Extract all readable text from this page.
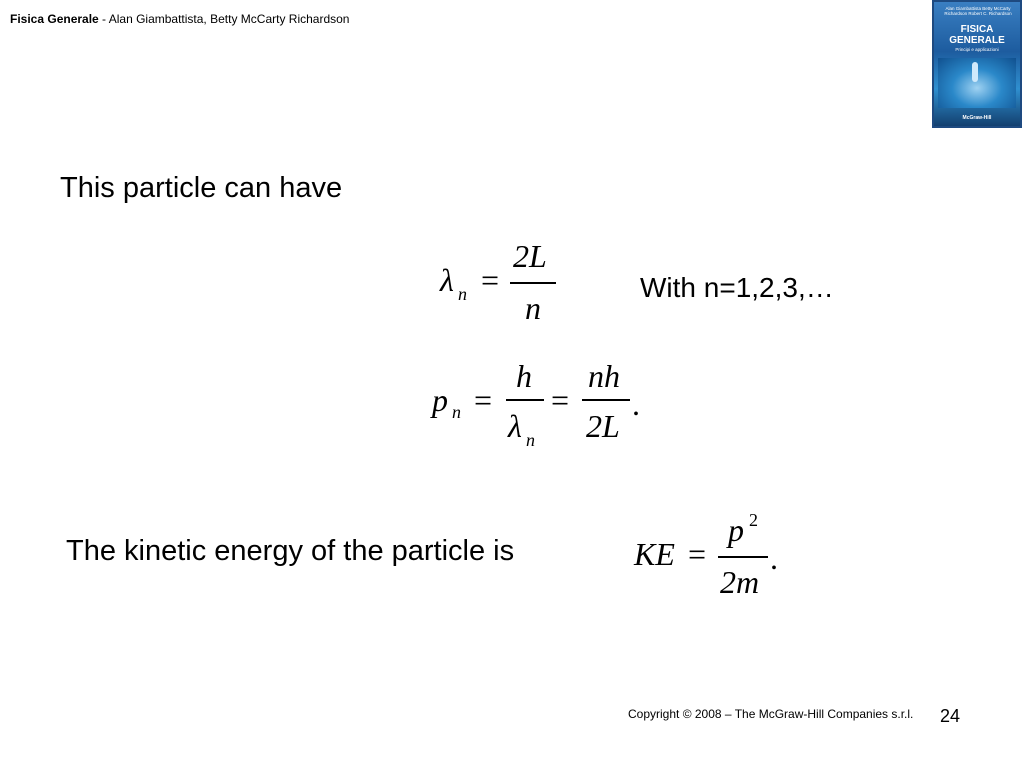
Fisica Generale - Alan Giambattista, Betty McCarty Richardson
Alan Giambattista Betty McCarty Richardson Robert C. Richardson
FISICA GENERALE
Principi e applicazioni
McGraw-Hill
This particle can have
λ n =
2L
n
With n=1,2,3,…
p n =
h
λ n
=
nh
2L
.
The kinetic energy of the particle is	KE =
p 2
2m
.
Copyright © 2008 – The McGraw-Hill Companies s.r.l. 24
